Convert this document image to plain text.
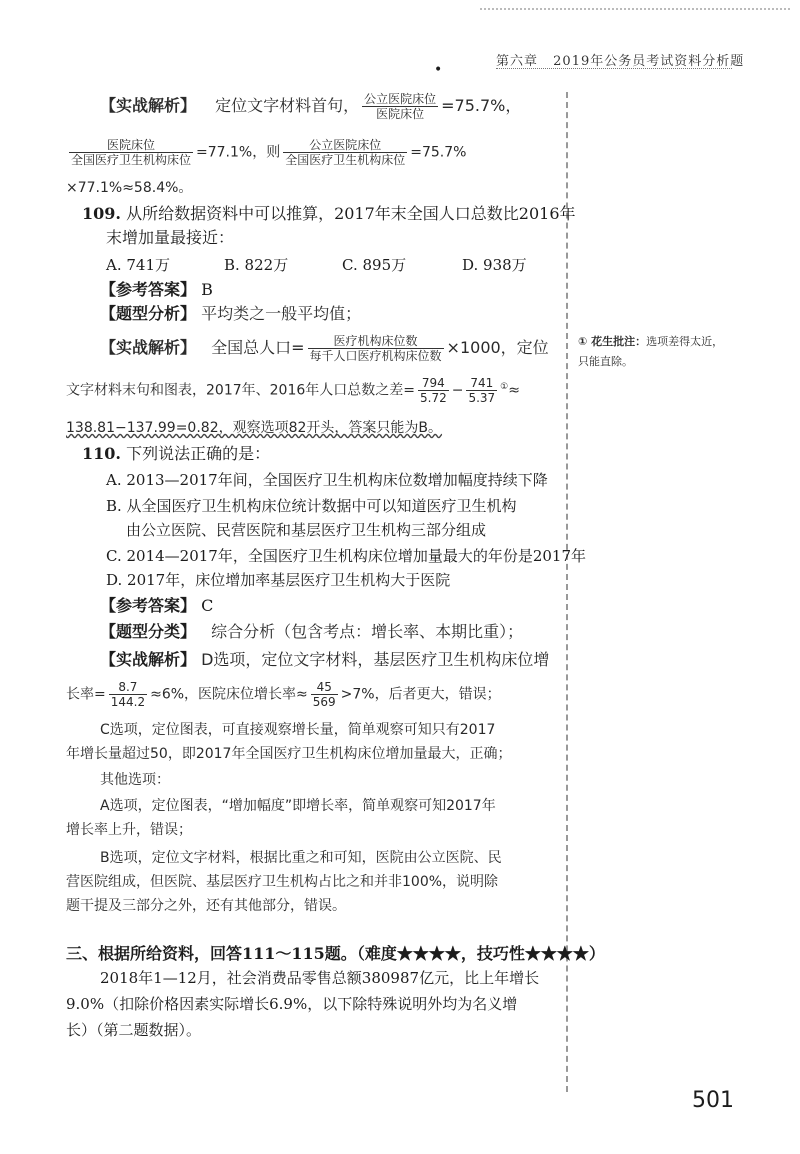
第六章 2019年公务员考试资料分析题
•
【实战解析】 定位文字材料首句， $\frac{\text{公立医院床位}}{\text{医院床位}} =75.7\%$，
$\frac{\text{医院床位}}{\text{全国医疗卫生机构床位}} =77.1\%$，则 $\frac{\text{公立医院床位}}{\text{全国医疗卫生机构床位}} =75.7\%$
×77.1%≈58.4%。
109. 从所给数据资料中可以推算，2017年末全国人口总数比2016年
末增加量最接近：
A. 741万	B. 822万	C. 895万	D. 938万
【参考答案】 B
【题型分析】 平均类之一般平均值；
【实战解析】 全国总人口= $\frac{\text{医疗机构床位数}}{\text{每千人口医疗机构床位数}} \times 1000$，定位
文字材料末句和图表，2017年、2016年人口总数之差= $\frac{794}{5.72} - \frac{741}{5.37} ^①\approx$
138.81−137.99=0.82，观察选项82开头，答案只能为B。
① 花生批注：选项差得太近，
只能直除。
110. 下列说法正确的是：
A. 2013—2017年间，全国医疗卫生机构床位数增加幅度持续下降
B. 从全国医疗卫生机构床位统计数据中可以知道医疗卫生机构
由公立医院、民营医院和基层医疗卫生机构三部分组成
C. 2014—2017年，全国医疗卫生机构床位增加量最大的年份是2017年
D. 2017年，床位增加率基层医疗卫生机构大于医院
【参考答案】 C
【题型分类】 综合分析（包含考点：增长率、本期比重）；
【实战解析】 D选项，定位文字材料，基层医疗卫生机构床位增
长率= $\frac{8.7}{144.2} \approx 6\%$，医院床位增长率≈ $\frac{45}{569} >7\%$，后者更大，错误；
C选项，定位图表，可直接观察增长量，简单观察可知只有2017
年增长量超过50，即2017年全国医疗卫生机构床位增加量最大，正确；
其他选项：
A选项，定位图表，“增加幅度”即增长率，简单观察可知2017年
增长率上升，错误；
B选项，定位文字材料，根据比重之和可知，医院由公立医院、民
营医院组成，但医院、基层医疗卫生机构占比之和并非100%，说明除
题干提及三部分之外，还有其他部分，错误。
三、根据所给资料，回答111～115题。（难度★★★★，技巧性★★★★）
2018年1—12月，社会消费品零售总额380987亿元，比上年增长
9.0%（扣除价格因素实际增长6.9%，以下除特殊说明外均为名义增
长）（第二题数据）。
501
